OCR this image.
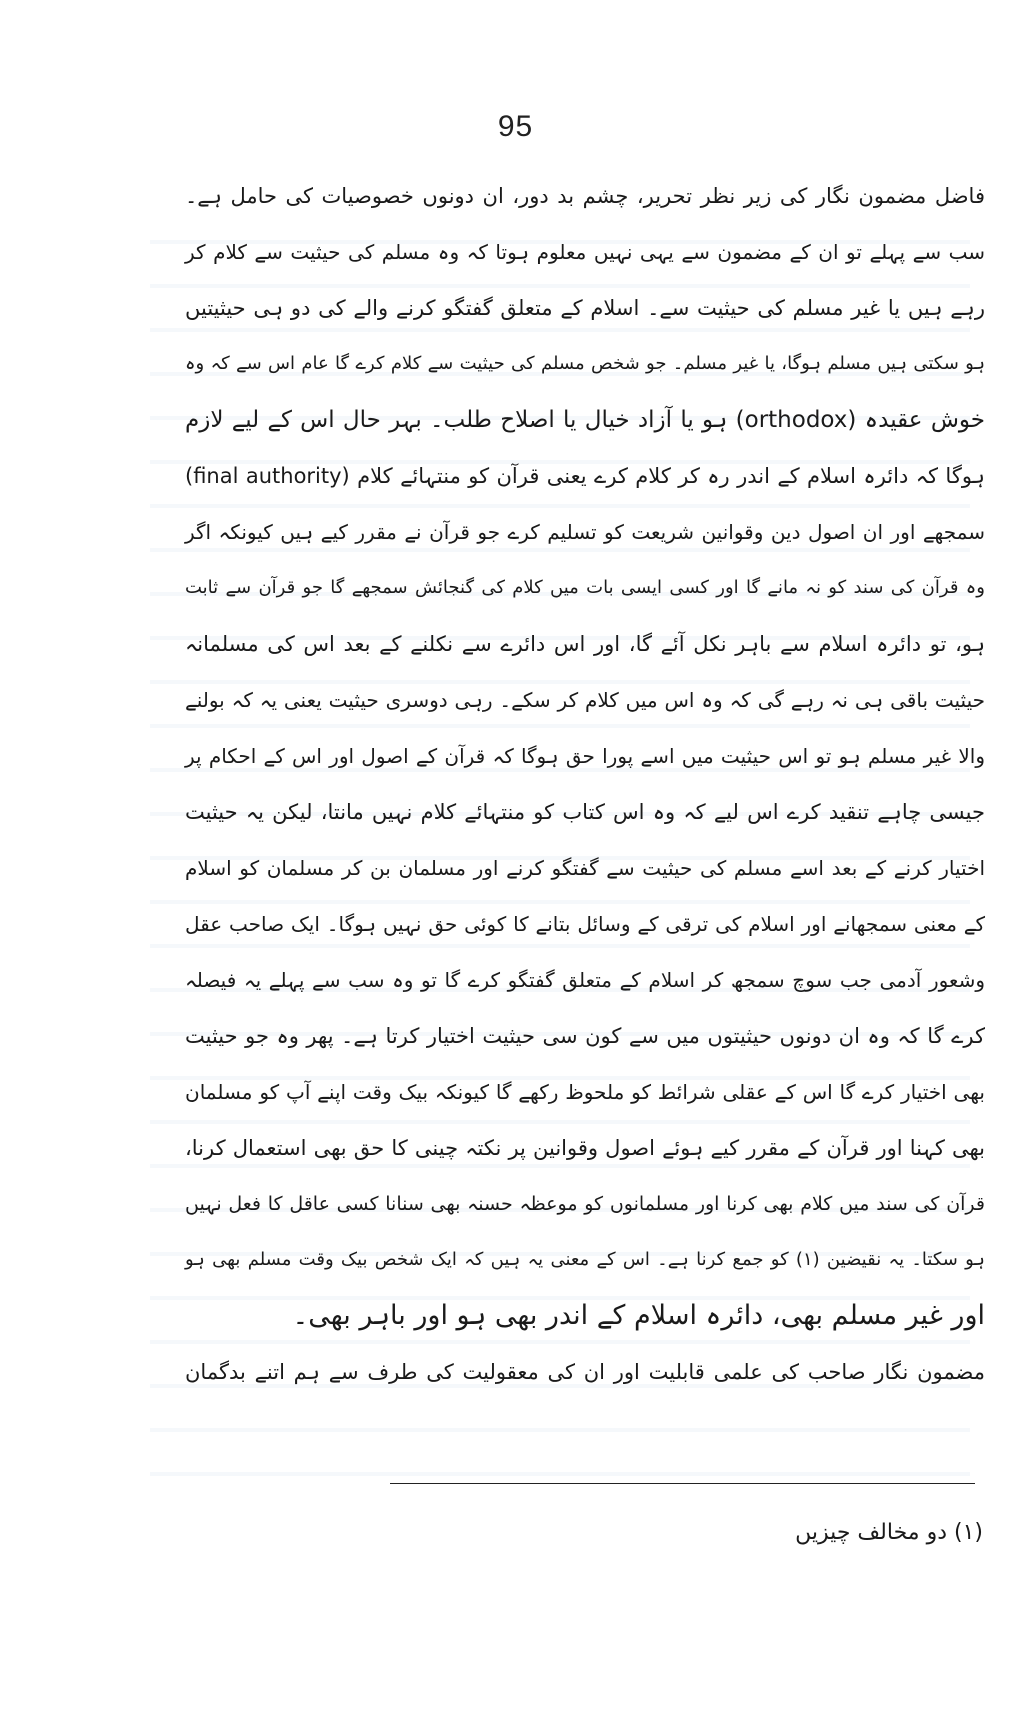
95
فاضل مضمون نگار کی زیر نظر تحریر، چشم بد دور، ان دونوں خصوصیات کی حامل ہے۔
سب سے پہلے تو ان کے مضمون سے یہی نہیں معلوم ہوتا کہ وہ مسلم کی حیثیت سے کلام کر
رہے ہیں یا غیر مسلم کی حیثیت سے۔ اسلام کے متعلق گفتگو کرنے والے کی دو ہی حیثیتیں
ہو سکتی ہیں مسلم ہوگا، یا غیر مسلم۔ جو شخص مسلم کی حیثیت سے کلام کرے گا عام اس سے کہ وہ
خوش عقیدہ (orthodox) ہو یا آزاد خیال یا اصلاح طلب۔ بہر حال اس کے لیے لازم
ہوگا کہ دائرہ اسلام کے اندر رہ کر کلام کرے یعنی قرآن کو منتہائے کلام (final authority)
سمجھے اور ان اصول دین وقوانین شریعت کو تسلیم کرے جو قرآن نے مقرر کیے ہیں کیونکہ اگر
وہ قرآن کی سند کو نہ مانے گا اور کسی ایسی بات میں کلام کی گنجائش سمجھے گا جو قرآن سے ثابت
ہو، تو دائرہ اسلام سے باہر نکل آئے گا، اور اس دائرے سے نکلنے کے بعد اس کی مسلمانہ
حیثیت باقی ہی نہ رہے گی کہ وہ اس میں کلام کر سکے۔ رہی دوسری حیثیت یعنی یہ کہ بولنے
والا غیر مسلم ہو تو اس حیثیت میں اسے پورا حق ہوگا کہ قرآن کے اصول اور اس کے احکام پر
جیسی چاہے تنقید کرے اس لیے کہ وہ اس کتاب کو منتہائے کلام نہیں مانتا، لیکن یہ حیثیت
اختیار کرنے کے بعد اسے مسلم کی حیثیت سے گفتگو کرنے اور مسلمان بن کر مسلمان کو اسلام
کے معنی سمجھانے اور اسلام کی ترقی کے وسائل بتانے کا کوئی حق نہیں ہوگا۔ ایک صاحب عقل
وشعور آدمی جب سوچ سمجھ کر اسلام کے متعلق گفتگو کرے گا تو وہ سب سے پہلے یہ فیصلہ
کرے گا کہ وہ ان دونوں حیثیتوں میں سے کون سی حیثیت اختیار کرتا ہے۔ پھر وہ جو حیثیت
بھی اختیار کرے گا اس کے عقلی شرائط کو ملحوظ رکھے گا کیونکہ بیک وقت اپنے آپ کو مسلمان
بھی کہنا اور قرآن کے مقرر کیے ہوئے اصول وقوانین پر نکتہ چینی کا حق بھی استعمال کرنا،
قرآن کی سند میں کلام بھی کرنا اور مسلمانوں کو موعظہ حسنہ بھی سنانا کسی عاقل کا فعل نہیں
ہو سکتا۔ یہ نقیضین (۱) کو جمع کرنا ہے۔ اس کے معنی یہ ہیں کہ ایک شخص بیک وقت مسلم بھی ہو
اور غیر مسلم بھی، دائرہ اسلام کے اندر بھی ہو اور باہر بھی۔
مضمون نگار صاحب کی علمی قابلیت اور ان کی معقولیت کی طرف سے ہم اتنے بدگمان
(۱) دو مخالف چیزیں
